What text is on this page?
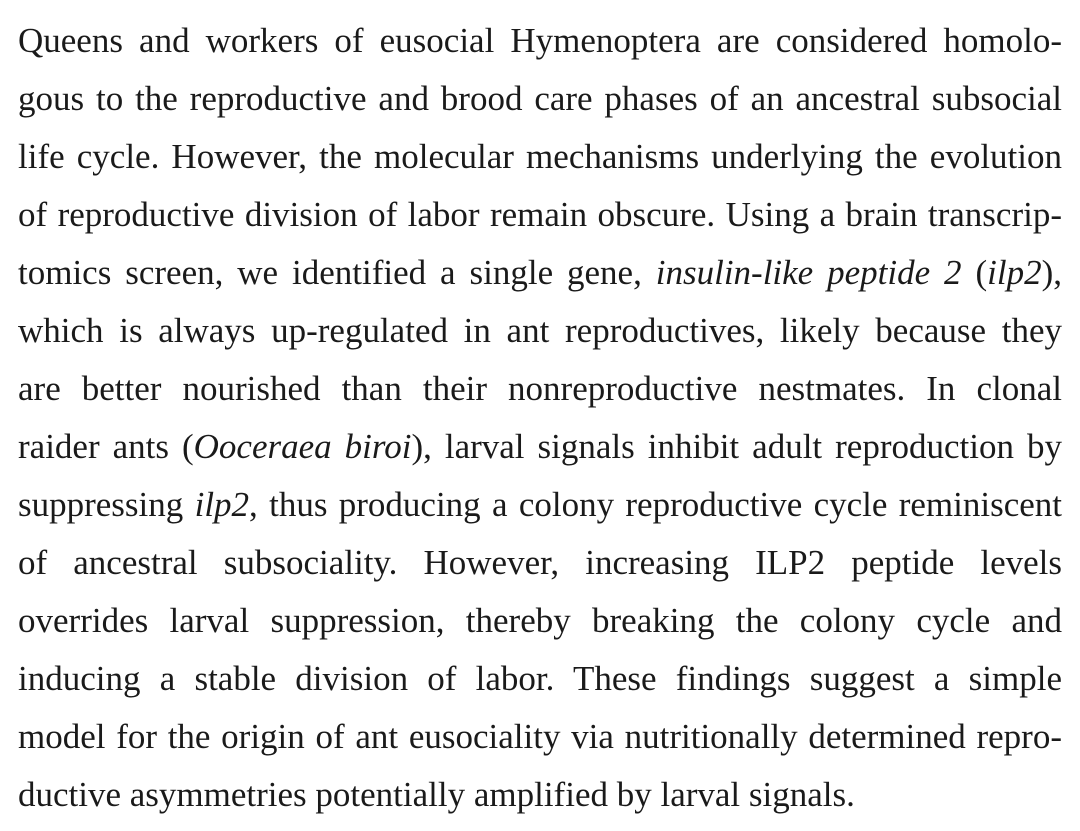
Queens and workers of eusocial Hymenoptera are considered homolo-
gous to the reproductive and brood care phases of an ancestral subsocial
life cycle. However, the molecular mechanisms underlying the evolution
of reproductive division of labor remain obscure. Using a brain transcrip-
tomics screen, we identified a single gene, insulin-like peptide 2 (ilp2),
which is always up-regulated in ant reproductives, likely because they
are better nourished than their nonreproductive nestmates. In clonal
raider ants (Ooceraea biroi), larval signals inhibit adult reproduction by
suppressing ilp2, thus producing a colony reproductive cycle reminiscent
of ancestral subsociality. However, increasing ILP2 peptide levels
overrides larval suppression, thereby breaking the colony cycle and
inducing a stable division of labor. These findings suggest a simple
model for the origin of ant eusociality via nutritionally determined repro-
ductive asymmetries potentially amplified by larval signals.
